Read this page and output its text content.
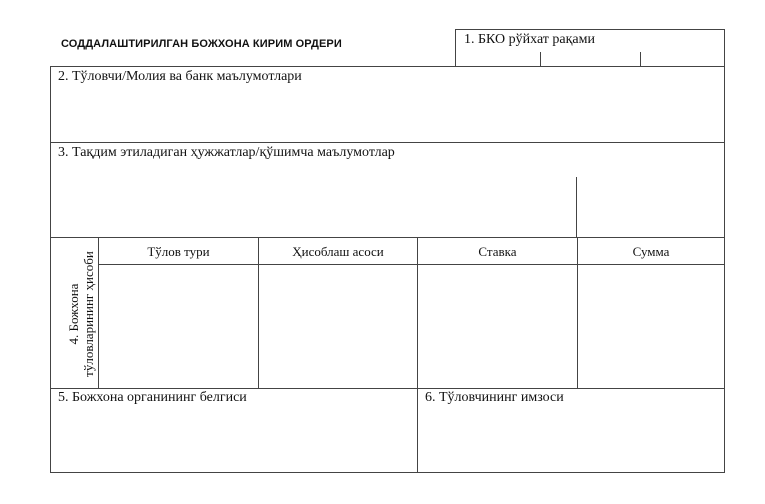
СОДДАЛАШТИРИЛГАН БОЖХОНА КИРИМ ОРДЕРИ	1. БКО рўйхат рақами
2. Тўловчи/Молия ва банк маълумотлари
3. Тақдим этиладиган ҳужжатлар/қўшимча маълумотлар
4. Божхона тўловларининг ҳисоби	Тўлов тури	Ҳисоблаш асоси	Ставка	Сумма
5. Божхона органининг белгиси	6. Тўловчининг имзоси
